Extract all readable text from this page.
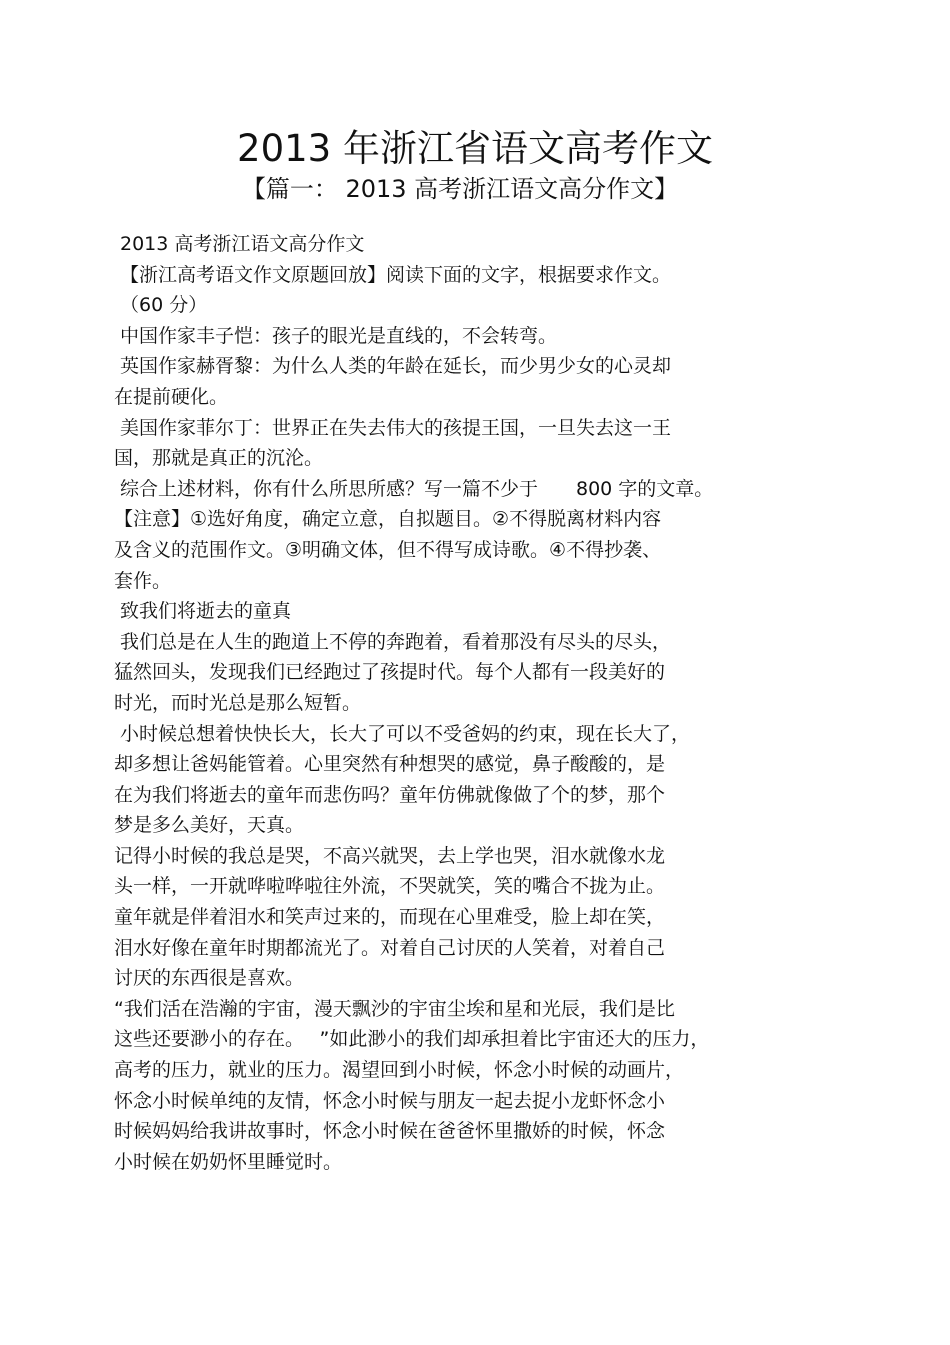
2013 年浙江省语文高考作文
【篇一： 2013 高考浙江语文高分作文】
2013 高考浙江语文高分作文
【浙江高考语文作文原题回放】阅读下面的文字，根据要求作文。
（60 分）
中国作家丰子恺：孩子的眼光是直线的，不会转弯。
英国作家赫胥黎：为什么人类的年龄在延长，而少男少女的心灵却
在提前硬化。
美国作家菲尔丁：世界正在失去伟大的孩提王国，一旦失去这一王
国，那就是真正的沉沦。
综合上述材料，你有什么所思所感？写一篇不少于　　800 字的文章。
【注意】①选好角度，确定立意，自拟题目。②不得脱离材料内容
及含义的范围作文。③明确文体，但不得写成诗歌。④不得抄袭、
套作。
致我们将逝去的童真
我们总是在人生的跑道上不停的奔跑着，看着那没有尽头的尽头，
猛然回头，发现我们已经跑过了孩提时代。每个人都有一段美好的
时光，而时光总是那么短暂。
小时候总想着快快长大，长大了可以不受爸妈的约束，现在长大了，
却多想让爸妈能管着。心里突然有种想哭的感觉，鼻子酸酸的，是
在为我们将逝去的童年而悲伤吗？童年仿佛就像做了个的梦，那个
梦是多么美好，天真。
记得小时候的我总是哭，不高兴就哭，去上学也哭，泪水就像水龙
头一样，一开就哗啦哗啦往外流，不哭就笑，笑的嘴合不拢为止。
童年就是伴着泪水和笑声过来的，而现在心里难受，脸上却在笑，
泪水好像在童年时期都流光了。对着自己讨厌的人笑着，对着自己
讨厌的东西很是喜欢。
“我们活在浩瀚的宇宙，漫天飘沙的宇宙尘埃和星和光辰，我们是比
这些还要渺小的存在。　 ”如此渺小的我们却承担着比宇宙还大的压力，
高考的压力，就业的压力。渴望回到小时候，怀念小时候的动画片，
怀念小时候单纯的友情，怀念小时候与朋友一起去捉小龙虾怀念小
时候妈妈给我讲故事时，怀念小时候在爸爸怀里撒娇的时候，怀念
小时候在奶奶怀里睡觉时。
